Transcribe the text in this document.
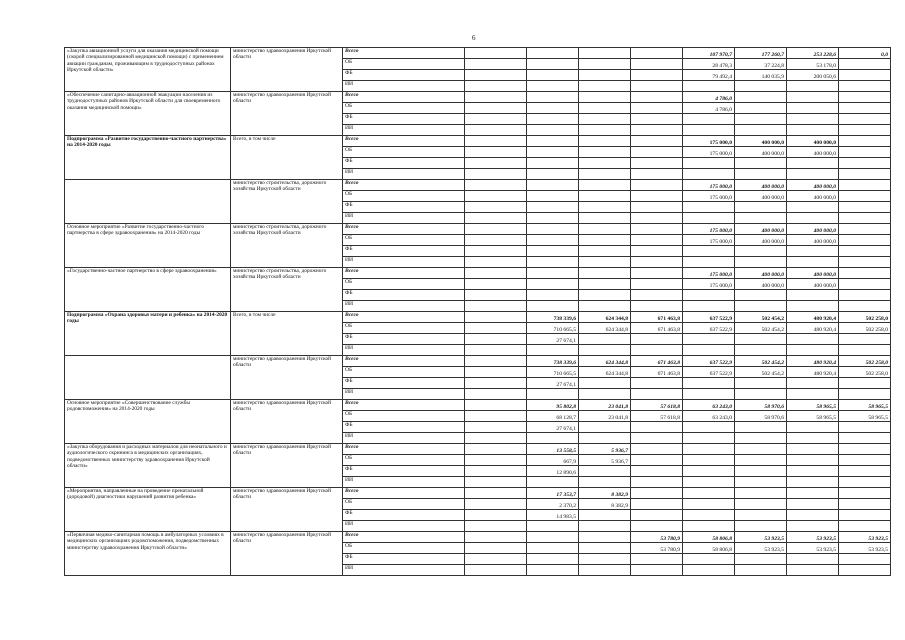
6
«Закупка авиационной услуги для оказания медицинской помощи (скорой специализированной медицинской помощи) с применением авиации гражданам, проживающим в труднодоступных районах Иркутской области»	министерство здравоохранения Иркутской области	Всего					107 970,7	177 260,7	253 228,6	0,0
		ОБ					28 478,3	37 224,8	53 178,0	
		ФБ					79 492,4	140 035,9	200 050,6	
		ИИ								
«Обеспечение санитарно-авиационной эвакуации населения из труднодоступных районов Иркутской области для своевременного оказания медицинской помощи»	министерство здравоохранения Иркутской области	Всего					4 786,0			
		ОБ					4 786,0			
		ФБ								
		ИИ								
Подпрограмма «Развитие государственно-частного партнерства» на 2014-2020 годы	Всего, в том числе	Всего					175 000,0	400 000,0	400 000,0	
		ОБ					175 000,0	400 000,0	400 000,0	
		ФБ								
		ИИ								
	министерство строительства, дорожного хозяйства Иркутской области	Всего					175 000,0	400 000,0	400 000,0	
		ОБ					175 000,0	400 000,0	400 000,0	
		ФБ								
		ИИ								
Основное мероприятие «Развитие государственно-частного партнерства в сфере здравоохранения» на 2014-2020 годы	министерство строительства, дорожного хозяйства Иркутской области	Всего					175 000,0	400 000,0	400 000,0	
		ОБ					175 000,0	400 000,0	400 000,0	
		ФБ								
		ИИ								
«Государственно-частное партнерство в сфере здравоохранения»	министерство строительства, дорожного хозяйства Иркутской области	Всего					175 000,0	400 000,0	400 000,0	
		ОБ					175 000,0	400 000,0	400 000,0	
		ФБ								
		ИИ								
Подпрограмма «Охрана здоровья матери и ребенка» на 2014-2020 годы	Всего, в том числе	Всего		738 339,6	624 344,8	671 463,8	637 522,9	502 454,2	480 920,4	502 258,0
		ОБ		710 665,5	624 344,8	671 463,8	637 522,9	502 454,2	480 920,4	502 258,0
		ФБ		27 674,1						
		ИИ								
	министерство здравоохранения Иркутской области	Всего		738 339,6	624 344,8	671 463,8	637 522,9	502 454,2	480 920,4	502 258,0
		ОБ		710 665,5	624 344,8	671 463,8	637 522,9	502 454,2	480 920,4	502 258,0
		ФБ		27 674,1						
		ИИ								
Основное мероприятие «Совершенствование службы родовспоможения» на 2014-2020 годы	министерство здравоохранения Иркутской области	Всего		95 802,8	23 041,8	57 618,8	63 243,0	58 970,6	58 965,5	58 965,5
		ОБ		68 128,7	23 041,8	57 618,8	63 243,0	58 970,6	58 965,5	58 965,5
		ФБ		27 674,1						
		ИИ								
«Закупка оборудования и расходных материалов для неонатального и аудиологического скрининга в медицинских организациях, подведомственных министерству здравоохранения Иркутской области»	министерство здравоохранения Иркутской области	Всего		13 558,5	5 936,7					
		ОБ		667,9	5 936,7					
		ФБ		12 890,6						
		ИИ								
«Мероприятия, направленные на проведение пренатальной (дородовой) диагностики нарушений развития ребенка»	министерство здравоохранения Иркутской области	Всего		17 353,7	8 382,9					
		ОБ		2 370,2	8 382,9					
		ФБ		14 983,5						
		ИИ								
«Первичная медико-санитарная помощь в амбулаторных условиях в медицинских организациях родовспоможения, подведомственных министерству здравоохранения Иркутской области»	министерство здравоохранения Иркутской области	Всего				53 780,9	58 806,8	53 923,5	53 923,5	53 923,5
		ОБ				53 780,9	58 806,8	53 923,5	53 923,5	53 923,5
		ФБ								
		ИИ								
